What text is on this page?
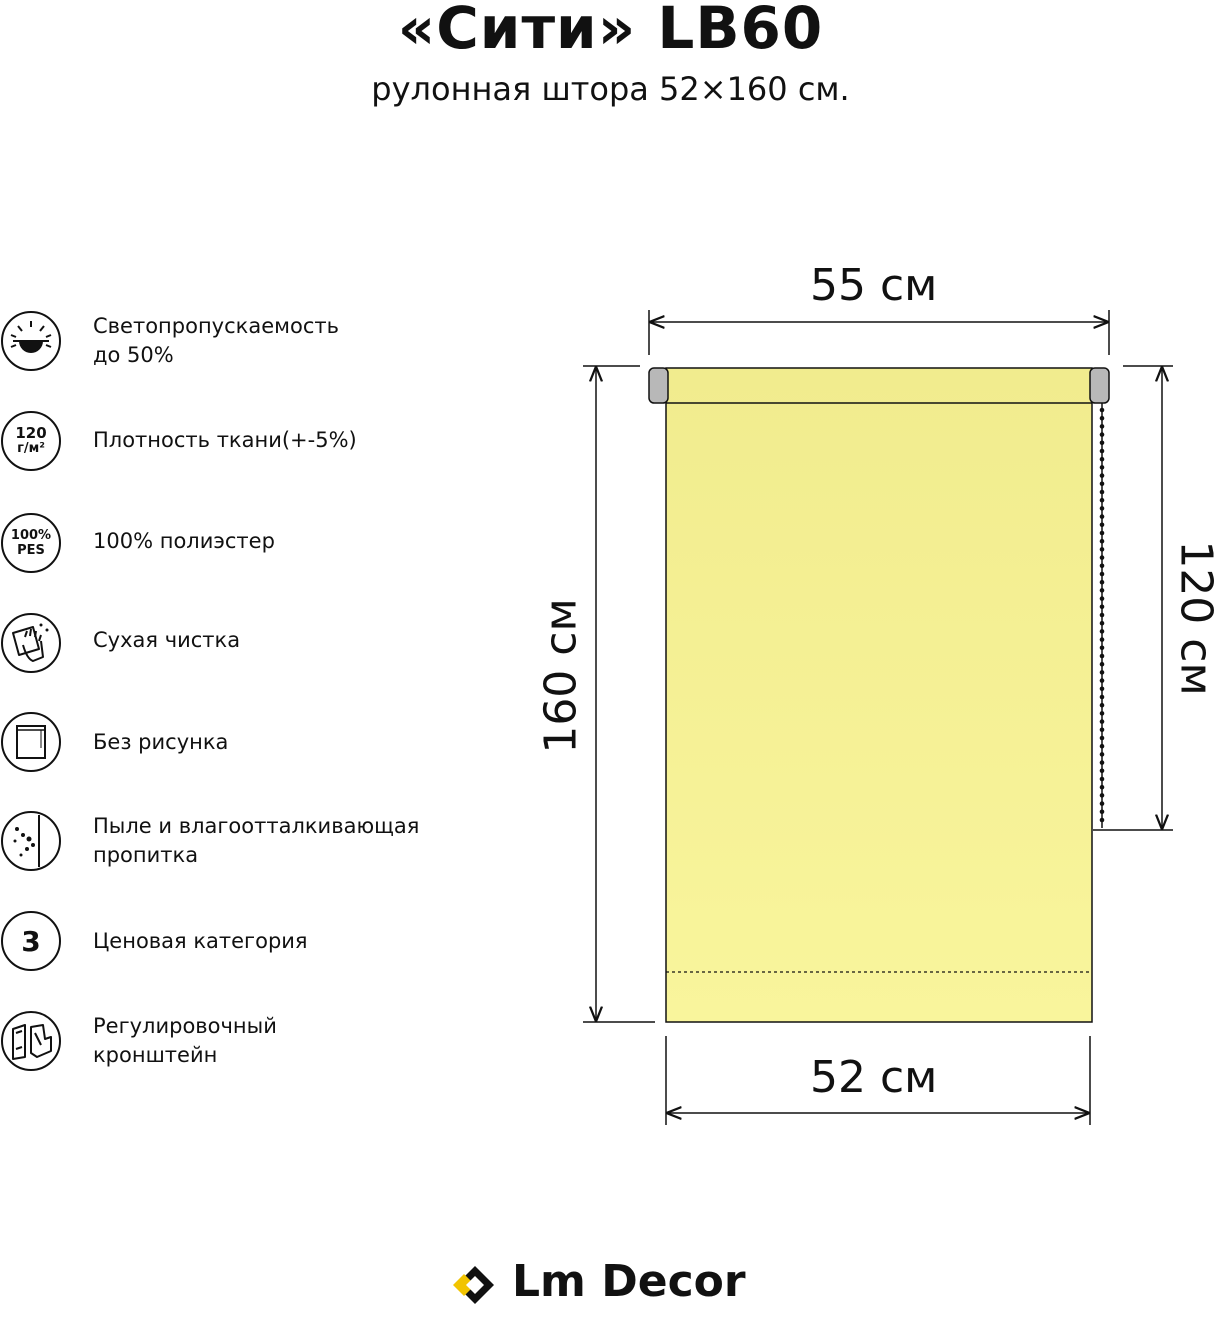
«Сити» LB60
рулонная штора 52×160 см.
Светопропускаемость
до 50%
120
г/м² Плотность ткани(+-5%)
100%
PES 100% полиэстер
Сухая чистка
Без рисунка
Пыле и влагоотталкивающая
пропитка
3 Ценовая категория
Регулировочный
кронштейн
55 см
52 см
160 см	120 см
Lm Decor
